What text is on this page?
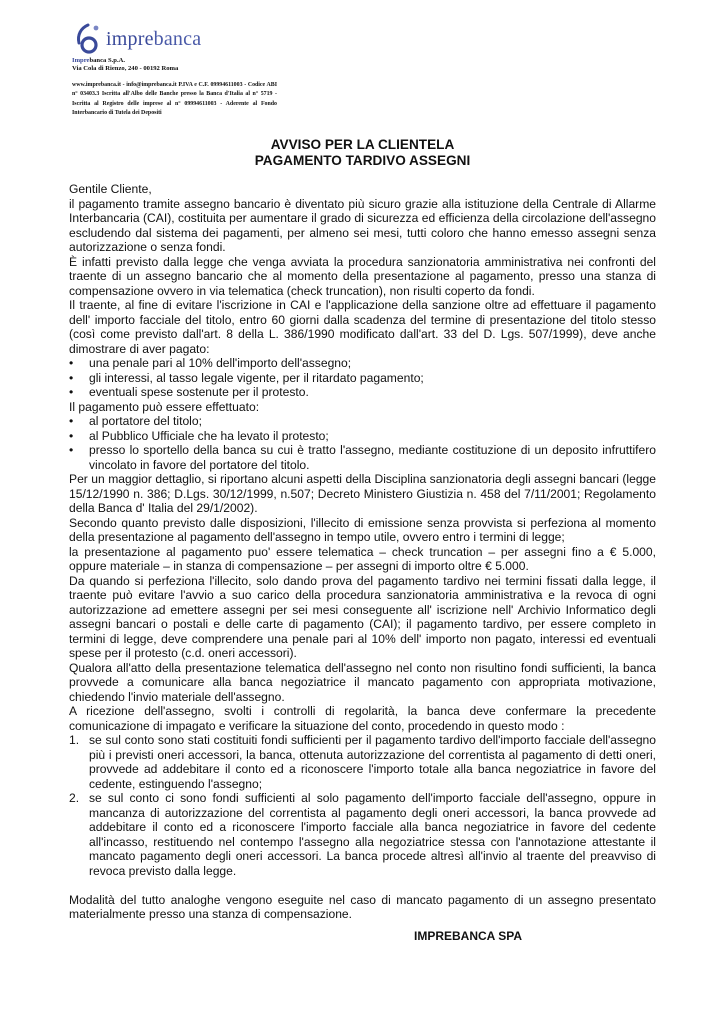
imprebanca
Imprebanca S.p.A.
Via Cola di Rienzo, 240 - 00192 Roma
www.imprebanca.it - info@imprebanca.it P.IVA e C.F. 09994611003 - Codice ABI n° 03403.3 Iscritta all'Albo delle Banche presso la Banca d'Italia al n° 5719 - Iscritta al Registro delle imprese al n° 09994611003 - Aderente al Fondo Interbancario di Tutela dei Depositi
AVVISO PER LA CLIENTELA
PAGAMENTO TARDIVO ASSEGNI

Gentile Cliente,

il pagamento tramite assegno bancario è diventato più sicuro grazie alla istituzione della Centrale di Allarme Interbancaria (CAI), costituita per aumentare il grado di sicurezza ed efficienza della circolazione dell'assegno escludendo dal sistema dei pagamenti, per almeno sei mesi, tutti coloro che hanno emesso assegni senza autorizzazione o senza fondi.

È infatti previsto dalla legge che venga avviata la procedura sanzionatoria amministrativa nei confronti del traente di un assegno bancario che al momento della presentazione al pagamento, presso una stanza di compensazione ovvero in via telematica (check truncation), non risulti coperto da fondi.

Il traente, al fine di evitare l'iscrizione in CAI e l'applicazione della sanzione oltre ad effettuare il pagamento dell' importo facciale del titolo, entro 60 giorni dalla scadenza del termine di presentazione del titolo stesso (così come previsto dall'art. 8 della L. 386/1990 modificato dall'art. 33 del D. Lgs. 507/1999), deve anche dimostrare di aver pagato:

•	una penale pari al 10% dell'importo dell'assegno;
•	gli interessi, al tasso legale vigente, per il ritardato pagamento;
•	eventuali spese sostenute per il protesto.

Il pagamento può essere effettuato:

•	al portatore del titolo;
•	al Pubblico Ufficiale che ha levato il protesto;
•	presso lo sportello della banca su cui è tratto l'assegno, mediante costituzione di un deposito infruttifero vincolato in favore del portatore del titolo.

Per un maggior dettaglio, si riportano alcuni aspetti della Disciplina sanzionatoria degli assegni bancari (legge 15/12/1990 n. 386; D.Lgs. 30/12/1999, n.507; Decreto Ministero Giustizia n. 458 del 7/11/2001; Regolamento della Banca d' Italia del 29/1/2002).

Secondo quanto previsto dalle disposizioni, l'illecito di emissione senza provvista si perfeziona al momento della presentazione al pagamento dell'assegno in tempo utile, ovvero entro i termini di legge;

la presentazione al pagamento puo' essere telematica – check truncation – per assegni fino a € 5.000, oppure materiale – in stanza di compensazione – per assegni di importo oltre € 5.000.

Da quando si perfeziona l'illecito, solo dando prova del pagamento tardivo nei termini fissati dalla legge, il traente può evitare l'avvio a suo carico della procedura sanzionatoria amministrativa e la revoca di ogni autorizzazione ad emettere assegni per sei mesi conseguente all' iscrizione nell' Archivio Informatico degli assegni bancari o postali e delle carte di pagamento (CAI); il pagamento tardivo, per essere completo in termini di legge, deve comprendere una penale pari al 10% dell' importo non pagato, interessi ed eventuali spese per il protesto (c.d. oneri accessori).

Qualora all'atto della presentazione telematica dell'assegno nel conto non risultino fondi sufficienti, la banca provvede a comunicare alla banca negoziatrice il mancato pagamento con appropriata motivazione, chiedendo l'invio materiale dell'assegno.

A ricezione dell'assegno, svolti i controlli di regolarità, la banca deve confermare la precedente comunicazione di impagato e verificare la situazione del conto, procedendo in questo modo :

1. se sul conto sono stati costituiti fondi sufficienti per il pagamento tardivo dell'importo facciale dell'assegno più i previsti oneri accessori, la banca, ottenuta autorizzazione del correntista al pagamento di detti oneri, provvede ad addebitare il conto ed a riconoscere l'importo totale alla banca negoziatrice in favore del cedente, estinguendo l'assegno;
2. se sul conto ci sono fondi sufficienti al solo pagamento dell'importo facciale dell'assegno, oppure in mancanza di autorizzazione del correntista al pagamento degli oneri accessori, la banca provvede ad addebitare il conto ed a riconoscere l'importo facciale alla banca negoziatrice in favore del cedente all'incasso, restituendo nel contempo l'assegno alla negoziatrice stessa con l'annotazione attestante il mancato pagamento degli oneri accessori. La banca procede altresì all'invio al traente del preavviso di revoca previsto dalla legge.

Modalità del tutto analoghe vengono eseguite nel caso di mancato pagamento di un assegno presentato materialmente presso una stanza di compensazione.

IMPREBANCA SPA
